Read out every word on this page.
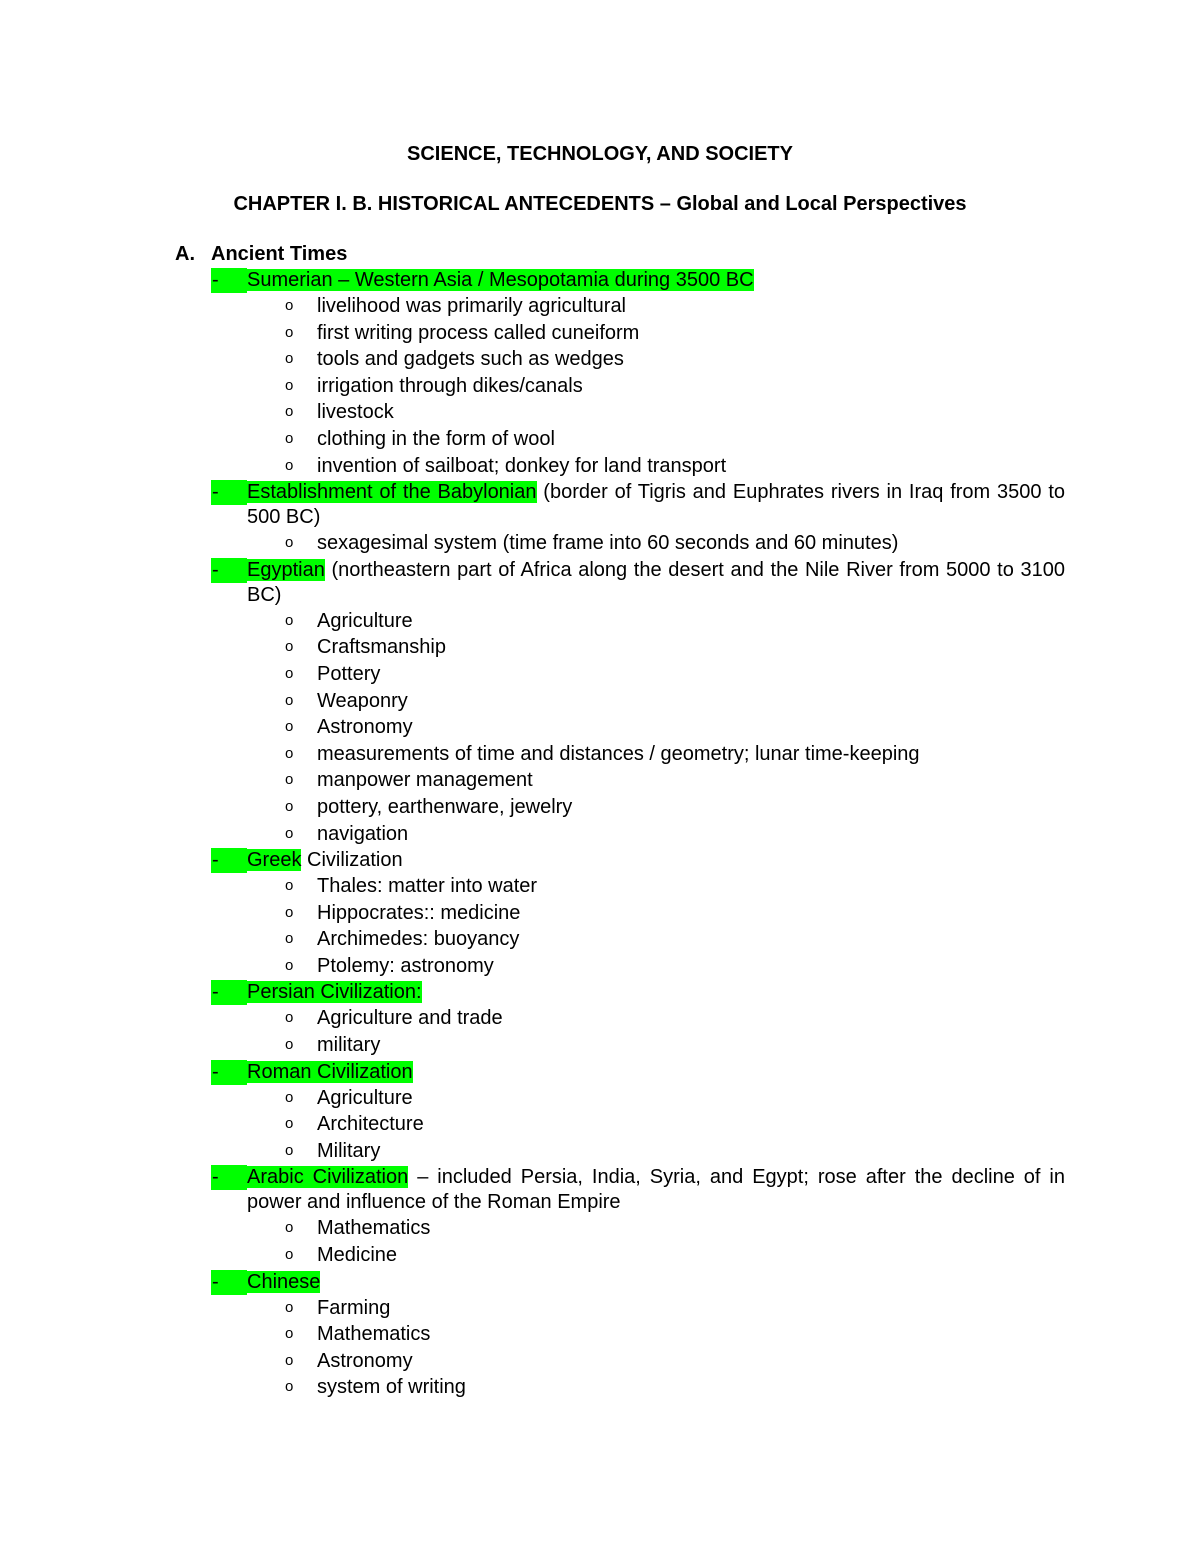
SCIENCE, TECHNOLOGY, AND SOCIETY
CHAPTER I. B. HISTORICAL ANTECEDENTS – Global and Local Perspectives
A. Ancient Times
-	Sumerian – Western Asia / Mesopotamia during 3500 BC
o livelihood was primarily agricultural
o first writing process called cuneiform
o tools and gadgets such as wedges
o irrigation through dikes/canals
o livestock
o clothing in the form of wool
o invention of sailboat; donkey for land transport
-	Establishment of the Babylonian (border of Tigris and Euphrates rivers in Iraq from 3500 to 500 BC)
o sexagesimal system (time frame into 60 seconds and 60 minutes)
-	Egyptian (northeastern part of Africa along the desert and the Nile River from 5000 to 3100 BC)
o Agriculture
o Craftsmanship
o Pottery
o Weaponry
o Astronomy
o measurements of time and distances / geometry; lunar time-keeping
o manpower management
o pottery, earthenware, jewelry
o navigation
-	Greek Civilization
o Thales: matter into water
o Hippocrates:: medicine
o Archimedes: buoyancy
o Ptolemy: astronomy
-	Persian Civilization:
o Agriculture and trade
o military
-	Roman Civilization
o Agriculture
o Architecture
o Military
-	Arabic Civilization – included Persia, India, Syria, and Egypt; rose after the decline of in power and influence of the Roman Empire
o Mathematics
o Medicine
-	Chinese
o Farming
o Mathematics
o Astronomy
o system of writing
